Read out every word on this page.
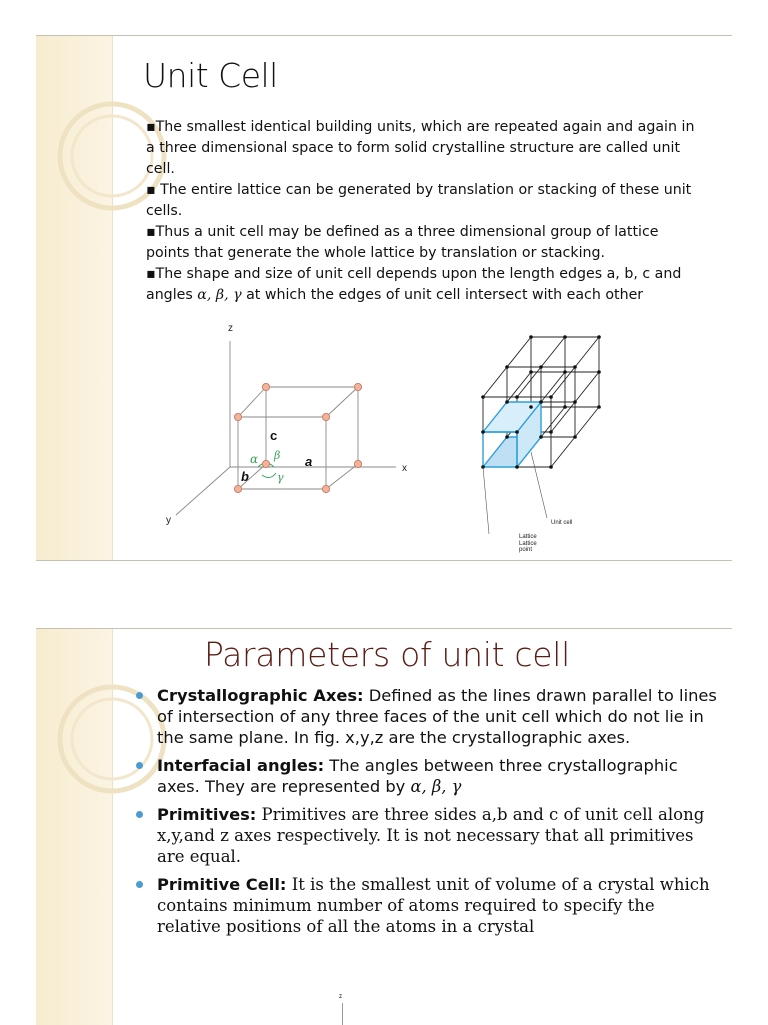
Unit Cell

▪The smallest identical building units, which are repeated again and again in a three dimensional space to form solid crystalline structure are called unit cell.

▪ The entire lattice can be generated by translation or stacking of these unit cells.

▪Thus a unit cell may be defined as a three dimensional group of lattice points that generate the whole lattice by translation or stacking.

▪The shape and size of unit cell depends upon the length edges a, b, c and angles α, β, γ at which the edges of unit cell intersect with each other

z
x
y
c
a
b
α β
γ
Unit cell
Lattice
Lattice
point
Parameters of unit cell
Crystallographic Axes: Defined as the lines drawn parallel to lines of intersection of any three faces of the unit cell which do not lie in the same plane. In fig. x,y,z are the crystallographic axes.
Interfacial angles: The angles between three crystallographic axes. They are represented by α, β, γ
Primitives: Primitives are three sides a,b and c of unit cell along x,y,and z axes respectively. It is not necessary that all primitives are equal.
Primitive Cell: It is the smallest unit of volume of a crystal which contains minimum number of atoms required to specify the relative positions of all the atoms in a crystal
z
